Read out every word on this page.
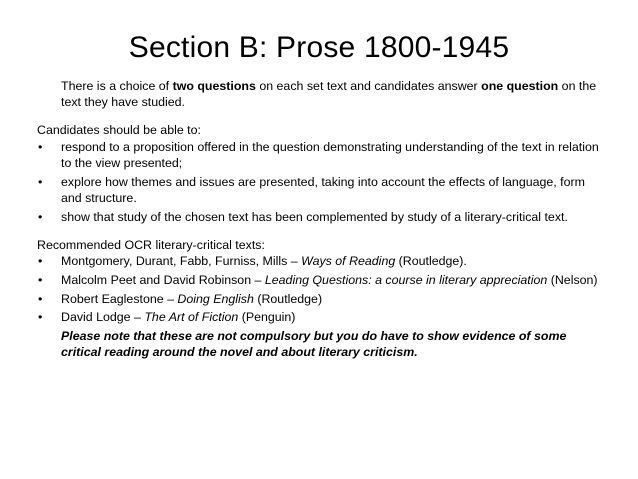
Section B: Prose 1800-1945

There is a choice of two questions on each set text and candidates answer one question on the text they have studied.

Candidates should be able to:

• respond to a proposition offered in the question demonstrating understanding of the text in relation to the view presented;
• explore how themes and issues are presented, taking into account the effects of language, form and structure.
• show that study of the chosen text has been complemented by study of a literary-critical text.

Recommended OCR literary-critical texts:

• Montgomery, Durant, Fabb, Furniss, Mills – Ways of Reading (Routledge).
• Malcolm Peet and David Robinson – Leading Questions: a course in literary appreciation (Nelson)
• Robert Eaglestone – Doing English (Routledge)
• David Lodge – The Art of Fiction (Penguin)

Please note that these are not compulsory but you do have to show evidence of some critical reading around the novel and about literary criticism.
